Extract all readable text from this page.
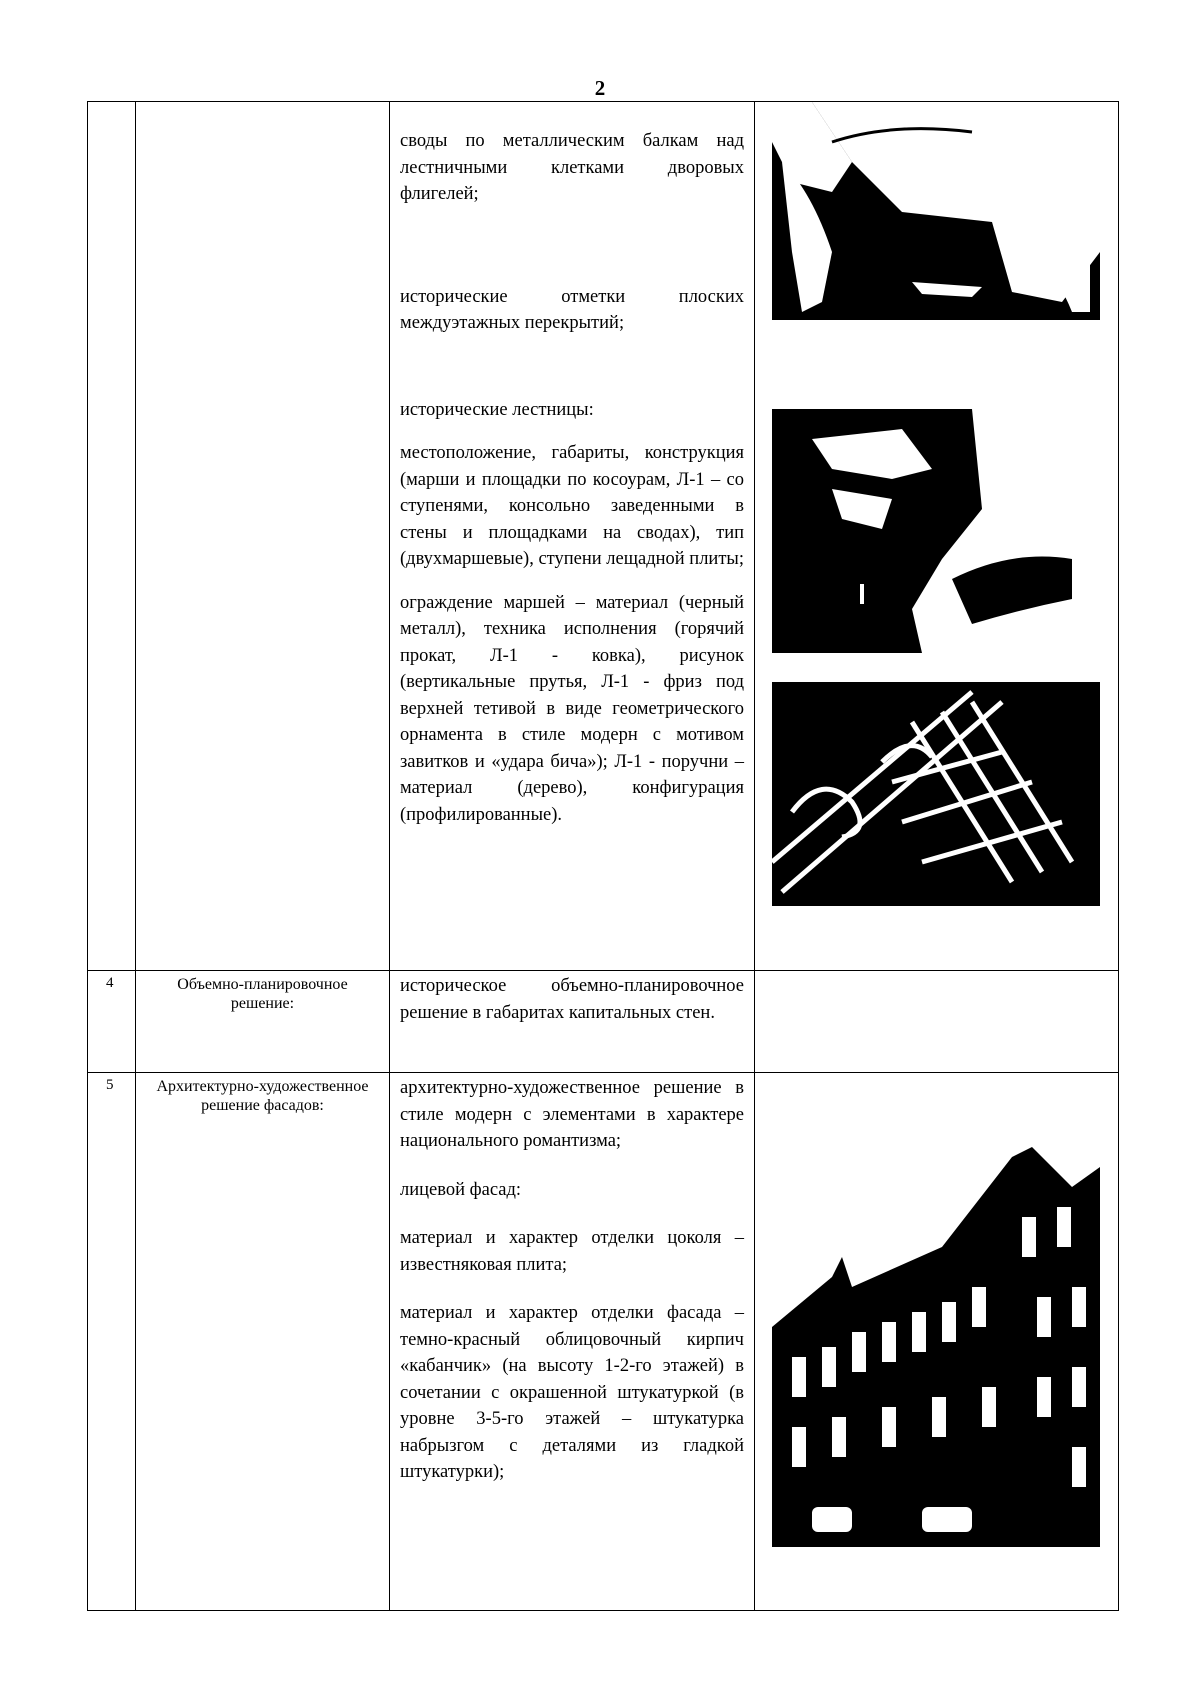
2

		своды по металлическим балкам над лестничными клетками дворовых флигелей;

исторические отметки плоских междуэтажных перекрытий;

исторические лестницы:

местоположение, габариты, конструкция (марши и площадки по косоурам, Л-1 – со ступенями, консольно заведенными в стены и площадками на сводах), тип (двухмаршевые), ступени лещадной плиты;

ограждение маршей – материал (черный металл), техника исполнения (горячий прокат, Л-1 - ковка), рисунок (вертикальные прутья, Л-1 - фриз под верхней тетивой в виде геометрического орнамента в стиле модерн с мотивом завитков и «удара бича»); Л-1 - поручни – материал (дерево), конфигурация (профилированные).

4	Объемно-планировочное решение:	историческое объемно-планировочное решение в габаритах капитальных стен.	

5	Архитектурно-художественное решение фасадов:	архитектурно-художественное решение в стиле модерн с элементами в характере национального романтизма;

лицевой фасад:

материал и характер отделки цоколя – известняковая плита;

материал и характер отделки фасада – темно-красный облицовочный кирпич «кабанчик» (на высоту 1-2-го этажей) в сочетании с окрашенной штукатуркой (в уровне 3-5-го этажей – штукатурка набрызгом с деталями из гладкой штукатурки);
